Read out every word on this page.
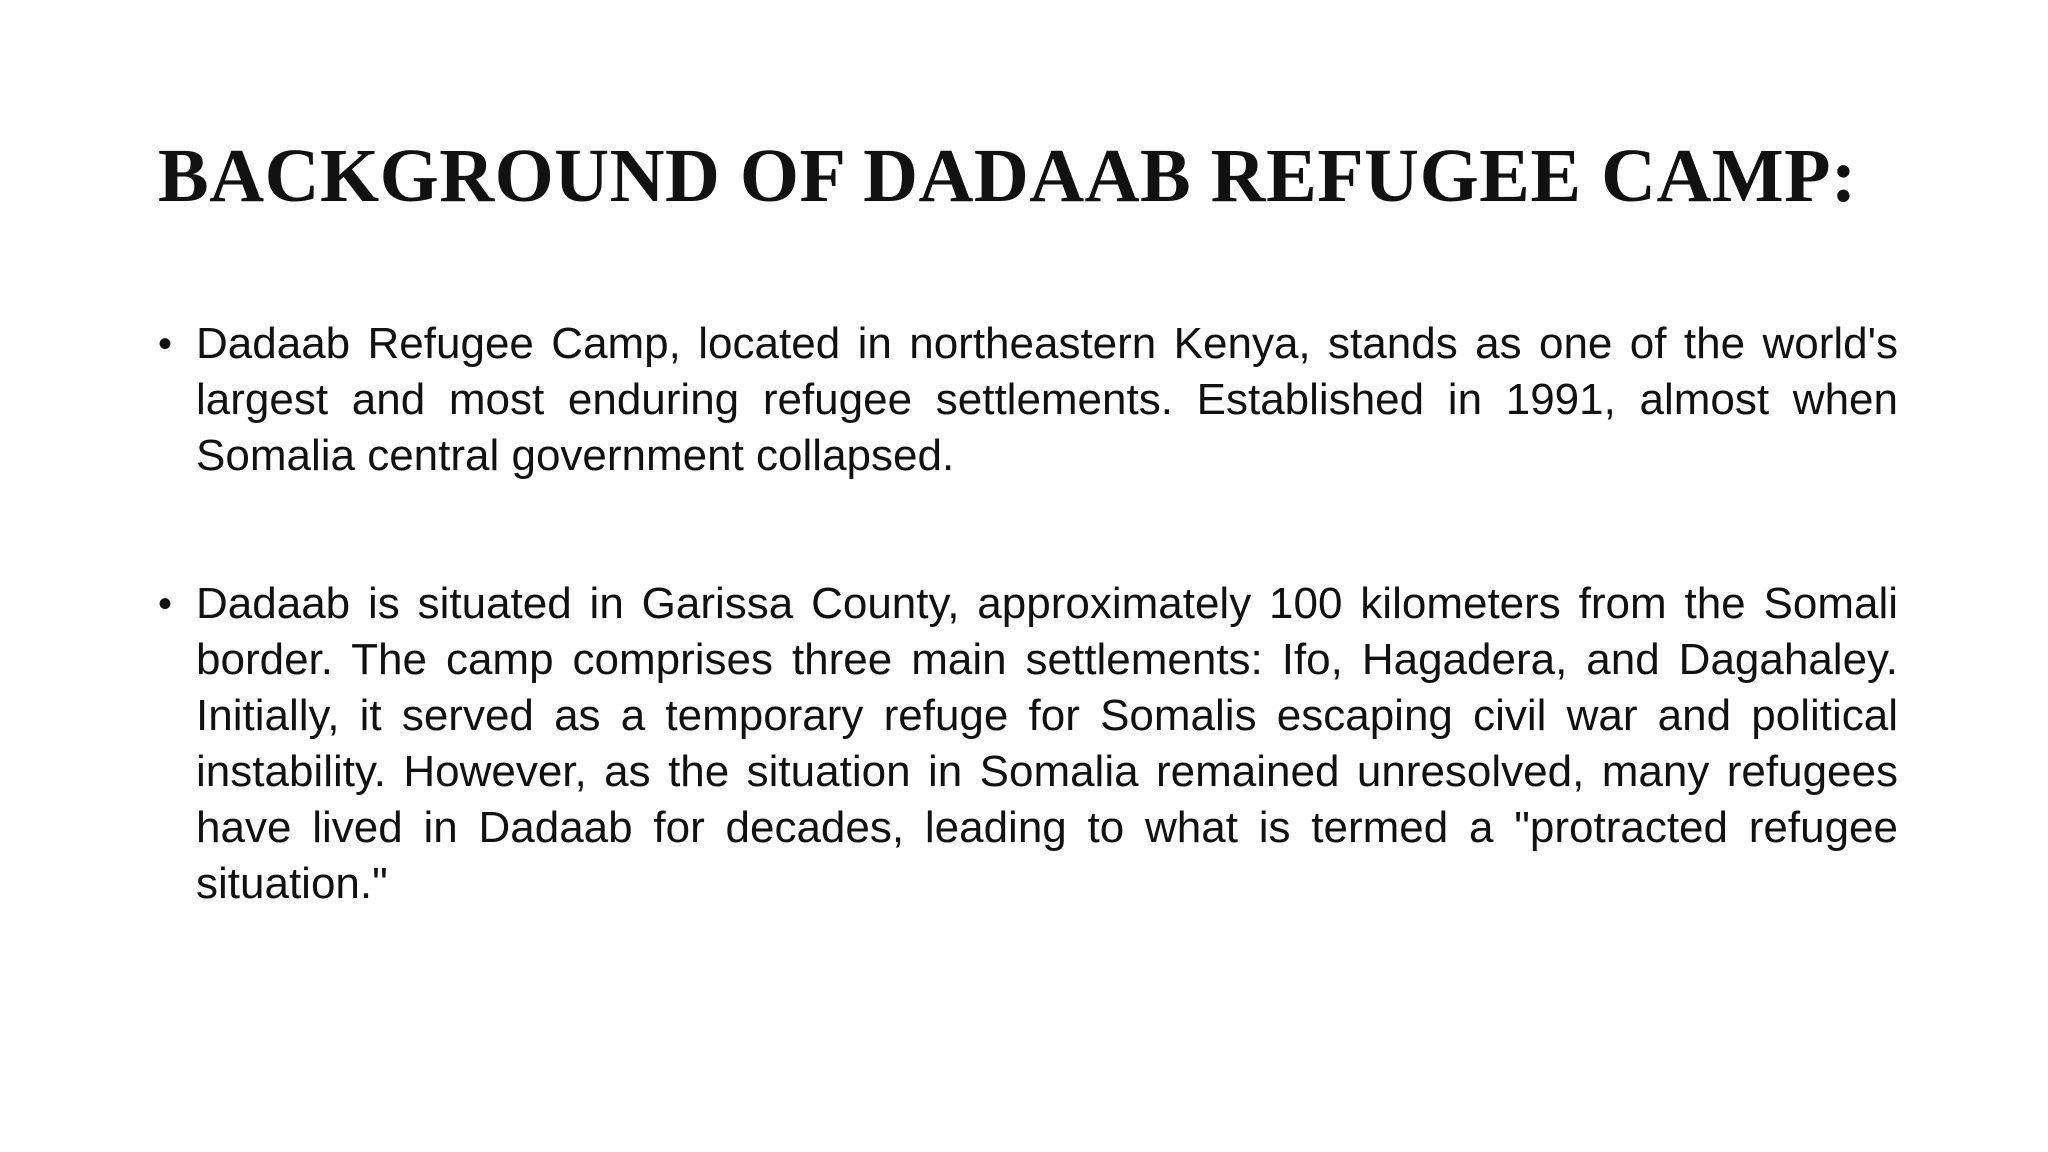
BACKGROUND OF DADAAB REFUGEE CAMP:
• Dadaab Refugee Camp, located in northeastern Kenya, stands as one of the world's largest and most enduring refugee settlements. Established in 1991, almost when Somalia central government collapsed.
• Dadaab is situated in Garissa County, approximately 100 kilometers from the Somali border. The camp comprises three main settlements: Ifo, Hagadera, and Dagahaley. Initially, it served as a temporary refuge for Somalis escaping civil war and political instability. However, as the situation in Somalia remained unresolved, many refugees have lived in Dadaab for decades, leading to what is termed a "protracted refugee situation."
